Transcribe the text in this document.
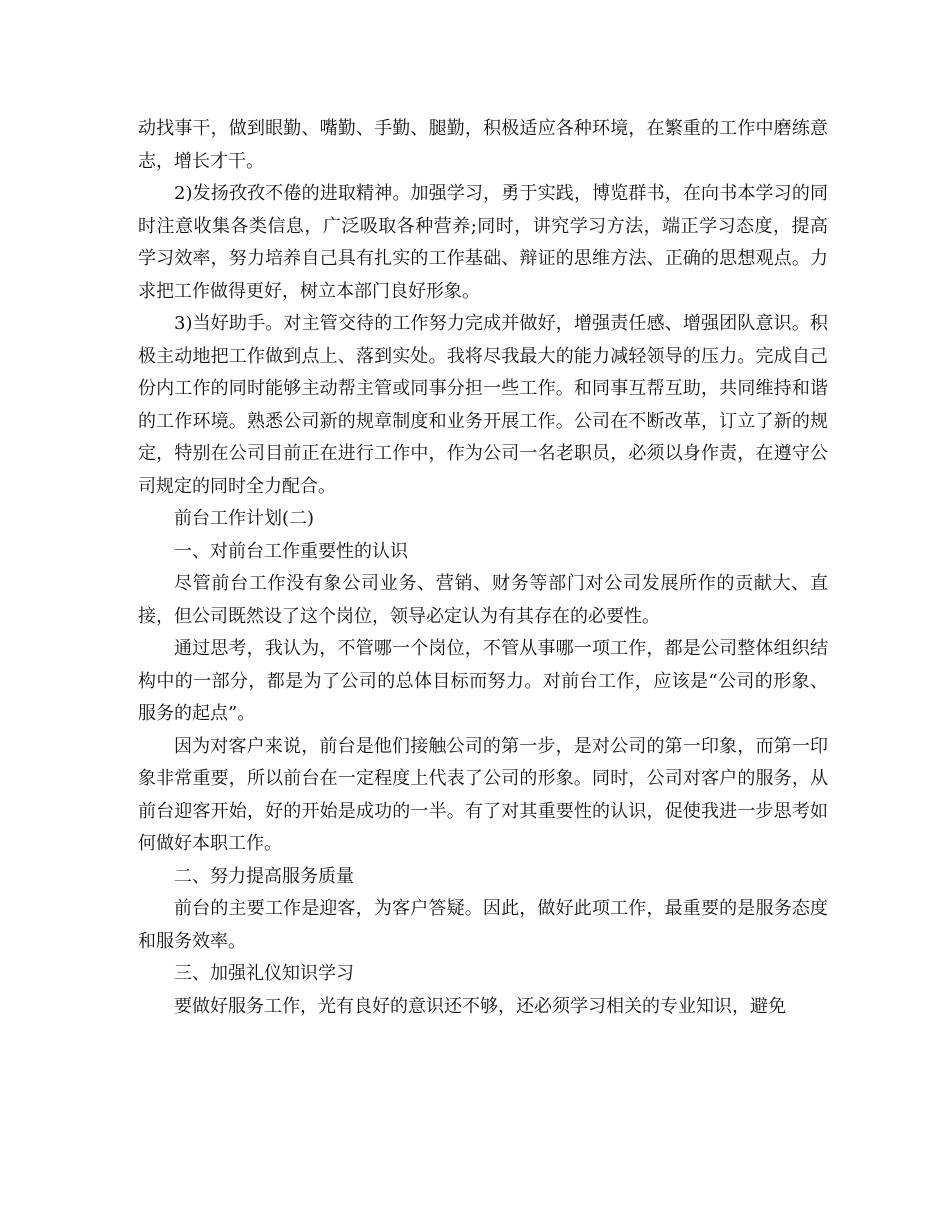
动找事干，做到眼勤、嘴勤、手勤、腿勤，积极适应各种环境，在繁重的工作中磨练意志，增长才干。

2)发扬孜孜不倦的进取精神。加强学习，勇于实践，博览群书，在向书本学习的同时注意收集各类信息，广泛吸取各种营养;同时，讲究学习方法，端正学习态度，提高学习效率，努力培养自己具有扎实的工作基础、辩证的思维方法、正确的思想观点。力求把工作做得更好，树立本部门良好形象。

3)当好助手。对主管交待的工作努力完成并做好，增强责任感、增强团队意识。积极主动地把工作做到点上、落到实处。我将尽我最大的能力减轻领导的压力。完成自己份内工作的同时能够主动帮主管或同事分担一些工作。和同事互帮互助，共同维持和谐的工作环境。熟悉公司新的规章制度和业务开展工作。公司在不断改革，订立了新的规定，特别在公司目前正在进行工作中，作为公司一名老职员，必须以身作责，在遵守公司规定的同时全力配合。

前台工作计划(二)

一、对前台工作重要性的认识

尽管前台工作没有象公司业务、营销、财务等部门对公司发展所作的贡献大、直接，但公司既然设了这个岗位，领导必定认为有其存在的必要性。

通过思考，我认为，不管哪一个岗位，不管从事哪一项工作，都是公司整体组织结构中的一部分，都是为了公司的总体目标而努力。对前台工作，应该是“公司的形象、服务的起点”。

因为对客户来说，前台是他们接触公司的第一步，是对公司的第一印象，而第一印象非常重要，所以前台在一定程度上代表了公司的形象。同时，公司对客户的服务，从前台迎客开始，好的开始是成功的一半。有了对其重要性的认识，促使我进一步思考如何做好本职工作。

二、努力提高服务质量

前台的主要工作是迎客，为客户答疑。因此，做好此项工作，最重要的是服务态度和服务效率。

三、加强礼仪知识学习

要做好服务工作，光有良好的意识还不够，还必须学习相关的专业知识，避免
